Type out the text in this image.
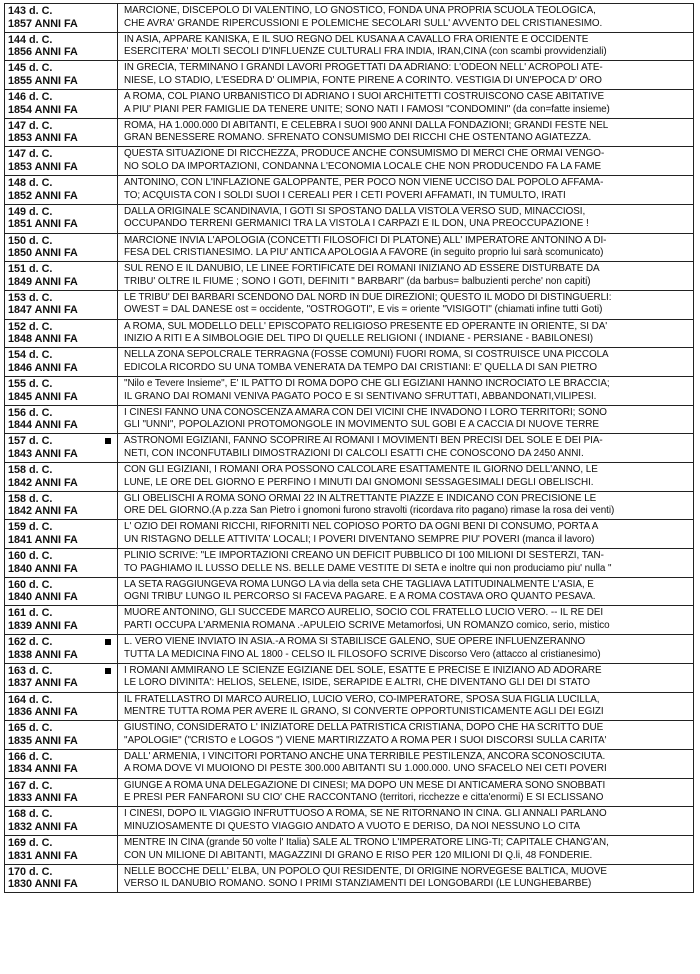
143 d. C.
1857 ANNI FA	MARCIONE, DISCEPOLO DI VALENTINO, LO GNOSTICO, FONDA UNA PROPRIA SCUOLA TEOLOGICA,
CHE AVRA' GRANDE RIPERCUSSIONI E POLEMICHE SECOLARI SULL' AVVENTO DEL CRISTIANESIMO.

144 d. C.
1856 ANNI FA	IN ASIA, APPARE KANISKA, E IL SUO REGNO DEL KUSANA A CAVALLO FRA ORIENTE E OCCIDENTE
ESERCITERA' MOLTI SECOLI D'INFLUENZE CULTURALI FRA INDIA, IRAN,CINA (con scambi provvidenziali)

145 d. C.
1855 ANNI FA	IN GRECIA, TERMINANO I GRANDI LAVORI PROGETTATI DA ADRIANO: L'ODEON NELL' ACROPOLI ATE-
NIESE, LO STADIO, L'ESEDRA D' OLIMPIA, FONTE PIRENE A CORINTO. VESTIGIA DI UN'EPOCA D' ORO

146 d. C.
1854 ANNI FA	A ROMA, COL PIANO URBANISTICO DI ADRIANO I SUOI ARCHITETTI COSTRUISCONO CASE ABITATIVE
A PIU' PIANI PER FAMIGLIE DA TENERE UNITE; SONO NATI I FAMOSI "CONDOMINI" (da con=fatte insieme)

147 d. C.
1853 ANNI FA	ROMA, HA 1.000.000 DI ABITANTI, E CELEBRA I SUOI 900 ANNI DALLA FONDAZIONI; GRANDI FESTE NEL
GRAN BENESSERE ROMANO. SFRENATO CONSUMISMO DEI RICCHI CHE OSTENTANO AGIATEZZA.

147 d. C.
1853 ANNI FA	QUESTA SITUAZIONE DI RICCHEZZA, PRODUCE ANCHE CONSUMISMO DI MERCI CHE ORMAI VENGO-
NO SOLO DA IMPORTAZIONI, CONDANNA L'ECONOMIA LOCALE CHE NON PRODUCENDO FA LA FAME

148 d. C.
1852 ANNI FA	ANTONINO, CON L'INFLAZIONE GALOPPANTE, PER POCO NON VIENE UCCISO DAL POPOLO AFFAMA-
TO; ACQUISTA CON I SOLDI SUOI I CEREALI PER I CETI POVERI AFFAMATI, IN TUMULTO, IRATI

149 d. C.
1851 ANNI FA	DALLA ORIGINALE SCANDINAVIA, I GOTI SI SPOSTANO DALLA VISTOLA VERSO SUD, MINACCIOSI,
OCCUPANDO TERRENI GERMANICI TRA LA VISTOLA I CARPAZI E IL DON, UNA PREOCCUPAZIONE !

150 d. C.
1850 ANNI FA	MARCIONE INVIA L'APOLOGIA (CONCETTI FILOSOFICI DI PLATONE) ALL' IMPERATORE ANTONINO A DI-
FESA DEL CRISTIANESIMO. LA PIU' ANTICA APOLOGIA A FAVORE (in seguito proprio lui sarà scomunicato)

151 d. C.
1849 ANNI FA	SUL RENO E IL DANUBIO, LE LINEE FORTIFICATE DEI ROMANI INIZIANO AD ESSERE DISTURBATE DA
TRIBU' OLTRE IL FIUME ; SONO I GOTI, DEFINITI " BARBARI" (da barbus= balbuzienti perche' non capiti)

153 d. C.
1847 ANNI FA	LE TRIBU' DEI BARBARI SCENDONO DAL NORD IN DUE DIREZIONI; QUESTO IL MODO DI DISTINGUERLI:
OWEST = DAL DANESE ost = occidente, "OSTROGOTI", E vis = oriente "VISIGOTI" (chiamati infine tutti Goti)

152 d. C.
1848 ANNI FA	A ROMA, SUL MODELLO DELL' EPISCOPATO RELIGIOSO PRESENTE ED OPERANTE IN ORIENTE, SI DA'
INIZIO A RITI E A SIMBOLOGIE DEL TIPO DI QUELLE RELIGIONI ( INDIANE - PERSIANE - BABILONESI)

154 d. C.
1846 ANNI FA	NELLA ZONA SEPOLCRALE TERRAGNA (FOSSE COMUNI) FUORI ROMA, SI COSTRUISCE UNA PICCOLA
EDICOLA RICORDO SU UNA TOMBA VENERATA DA TEMPO DAI CRISTIANI: E' QUELLA DI SAN PIETRO

155 d. C.
1845 ANNI FA	"Nilo e Tevere Insieme", E' IL PATTO DI ROMA DOPO CHE GLI EGIZIANI HANNO INCROCIATO LE BRACCIA;
IL GRANO DAI ROMANI VENIVA PAGATO POCO E SI SENTIVANO SFRUTTATI, ABBANDONATI,VILIPESI.

156 d. C.
1844 ANNI FA	I CINESI FANNO UNA CONOSCENZA AMARA CON DEI VICINI CHE INVADONO I LORO TERRITORI; SONO
GLI "UNNI", POPOLAZIONI PROTOMONGOLE IN MOVIMENTO SUL GOBI E A CACCIA DI NUOVE TERRE

157 d. C.
1843 ANNI FA	ASTRONOMI EGIZIANI, FANNO SCOPRIRE AI ROMANI I MOVIMENTI BEN PRECISI DEL SOLE E DEI PIA-
NETI, CON INCONFUTABILI DIMOSTRAZIONI DI CALCOLI ESATTI CHE CONOSCONO DA 2450 ANNI.

158 d. C.
1842 ANNI FA	CON GLI EGIZIANI, I ROMANI ORA POSSONO CALCOLARE ESATTAMENTE IL GIORNO DELL'ANNO, LE
LUNE, LE ORE DEL GIORNO E PERFINO I MINUTI DAI GNOMONI SESSAGESIMALI DEGLI OBELISCHI.

158 d. C.
1842 ANNI FA	GLI OBELISCHI A ROMA SONO ORMAI 22 IN ALTRETTANTE PIAZZE E INDICANO CON PRECISIONE LE
ORE DEL GIORNO.(A p.zza San Pietro i gnomoni furono stravolti (ricordava rito pagano) rimase la rosa dei venti)

159 d. C.
1841 ANNI FA	L' OZIO DEI ROMANI RICCHI, RIFORNITI NEL COPIOSO PORTO DA OGNI BENI DI CONSUMO, PORTA A
UN RISTAGNO DELLE ATTIVITA' LOCALI; I POVERI DIVENTANO SEMPRE PIU' POVERI (manca il lavoro)

160 d. C.
1840 ANNI FA	PLINIO SCRIVE: "LE IMPORTAZIONI CREANO UN DEFICIT PUBBLICO DI 100 MILIONI DI SESTERZI, TAN-
TO PAGHIAMO IL LUSSO DELLE NS. BELLE DAME VESTITE DI SETA e inoltre qui non produciamo piu' nulla "

160 d. C.
1840 ANNI FA	LA SETA RAGGIUNGEVA ROMA LUNGO LA via della seta CHE TAGLIAVA LATITUDINALMENTE L'ASIA, E
OGNI TRIBU' LUNGO IL PERCORSO SI FACEVA PAGARE. E A ROMA COSTAVA ORO QUANTO PESAVA.

161 d. C.
1839 ANNI FA	MUORE ANTONINO, GLI SUCCEDE MARCO AURELIO, SOCIO COL FRATELLO LUCIO VERO. -- IL RE DEI
PARTI OCCUPA L'ARMENIA ROMANA .-APULEIO SCRIVE Metamorfosi, UN ROMANZO comico, serio, mistico

162 d. C.
1838 ANNI FA	L. VERO VIENE INVIATO IN ASIA.-A ROMA SI STABILISCE GALENO, SUE OPERE INFLUENZERANNO
TUTTA LA MEDICINA FINO AL 1800 - CELSO IL FILOSOFO SCRIVE Discorso Vero (attacco al cristianesimo)

163 d. C.
1837 ANNI FA	I ROMANI AMMIRANO LE SCIENZE EGIZIANE DEL SOLE, ESATTE E PRECISE E INIZIANO AD ADORARE
LE LORO DIVINITA': HELIOS, SELENE, ISIDE, SERAPIDE E ALTRI, CHE DIVENTANO GLI DEI DI STATO

164 d. C.
1836 ANNI FA	IL FRATELLASTRO DI MARCO AURELIO, LUCIO VERO, CO-IMPERATORE, SPOSA SUA FIGLIA LUCILLA,
MENTRE TUTTA ROMA PER AVERE IL GRANO, SI CONVERTE OPPORTUNISTICAMENTE AGLI DEI EGIZI

165 d. C.
1835 ANNI FA	GIUSTINO, CONSIDERATO L' INIZIATORE DELLA PATRISTICA CRISTIANA, DOPO CHE HA SCRITTO DUE
"APOLOGIE" ("CRISTO e LOGOS ") VIENE MARTIRIZZATO A ROMA PER I SUOI DISCORSI SULLA CARITA'

166 d. C.
1834 ANNI FA	DALL' ARMENIA, I VINCITORI PORTANO ANCHE UNA TERRIBILE PESTILENZA, ANCORA SCONOSCIUTA.
A ROMA DOVE VI MUOIONO DI PESTE 300.000 ABITANTI SU 1.000.000. UNO SFACELO NEI CETI POVERI

167 d. C.
1833 ANNI FA	GIUNGE A ROMA UNA DELEGAZIONE DI CINESI; MA DOPO UN MESE DI ANTICAMERA SONO SNOBBATI
E PRESI PER FANFARONI SU CIO' CHE RACCONTANO (territori, ricchezze e citta'enormi) E SI ECLISSANO

168 d. C.
1832 ANNI FA	I CINESI, DOPO IL VIAGGIO INFRUTTUOSO A ROMA, SE NE RITORNANO IN CINA. GLI ANNALI PARLANO
MINUZIOSAMENTE DI QUESTO VIAGGIO ANDATO A VUOTO E DERISO, DA NOI NESSUNO LO CITA

169 d. C.
1831 ANNI FA	MENTRE IN CINA (grande 50 volte l' Italia) SALE AL TRONO L'IMPERATORE LING-TI; CAPITALE CHANG'AN,
CON UN MILIONE DI ABITANTI, MAGAZZINI DI GRANO E RISO PER 120 MILIONI DI Q.li, 48 FONDERIE.

170 d. C.
1830 ANNI FA	NELLE BOCCHE DELL' ELBA, UN POPOLO QUI RESIDENTE, DI ORIGINE NORVEGESE BALTICA, MUOVE
VERSO IL DANUBIO ROMANO. SONO I PRIMI STANZIAMENTI DEI LONGOBARDI (LE LUNGHEBARBE)
